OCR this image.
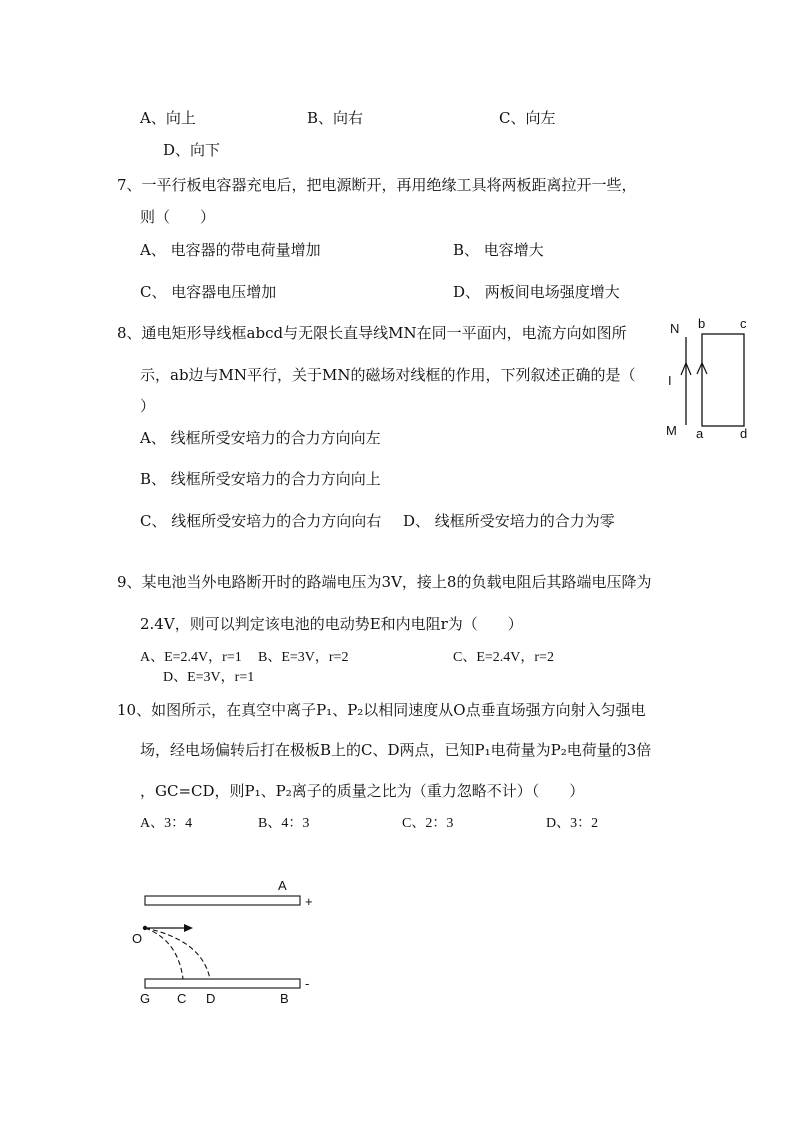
A、向上	B、向右	C、向左
D、向下
7、一平行板电容器充电后，把电源断开，再用绝缘工具将两板距离拉开一些，
则（　　）
A、 电容器的带电荷量增加	B、 电容增大
C、 电容器电压增加	D、 两板间电场强度增大
8、通电矩形导线框abcd与无限长直导线MN在同一平面内，电流方向如图所
示，ab边与MN平行，关于MN的磁场对线框的作用，下列叙述正确的是（
）
A、 线框所受安培力的合力方向向左
B、 线框所受安培力的合力方向向上
C、 线框所受安培力的合力方向向右 D、 线框所受安培力的合力为零
N
I
M
b	c
a	d
9、某电池当外电路断开时的路端电压为3V，接上8的负载电阻后其路端电压降为
2.4V，则可以判定该电池的电动势E和内电阻r为（　　）
A、E=2.4V，r=1 B、E=3V，r=2	C、E=2.4V，r=2
D、E=3V，r=1
10、如图所示，在真空中离子P₁、P₂以相同速度从O点垂直场强方向射入匀强电
场，经电场偏转后打在极板B上的C、D两点，已知P₁电荷量为P₂电荷量的3倍
，GC=CD，则P₁、P₂离子的质量之比为（重力忽略不计）（　　）
A、3：4	B、4：3	C、2：3	D、3：2
A
+
-
O
G C D	B
